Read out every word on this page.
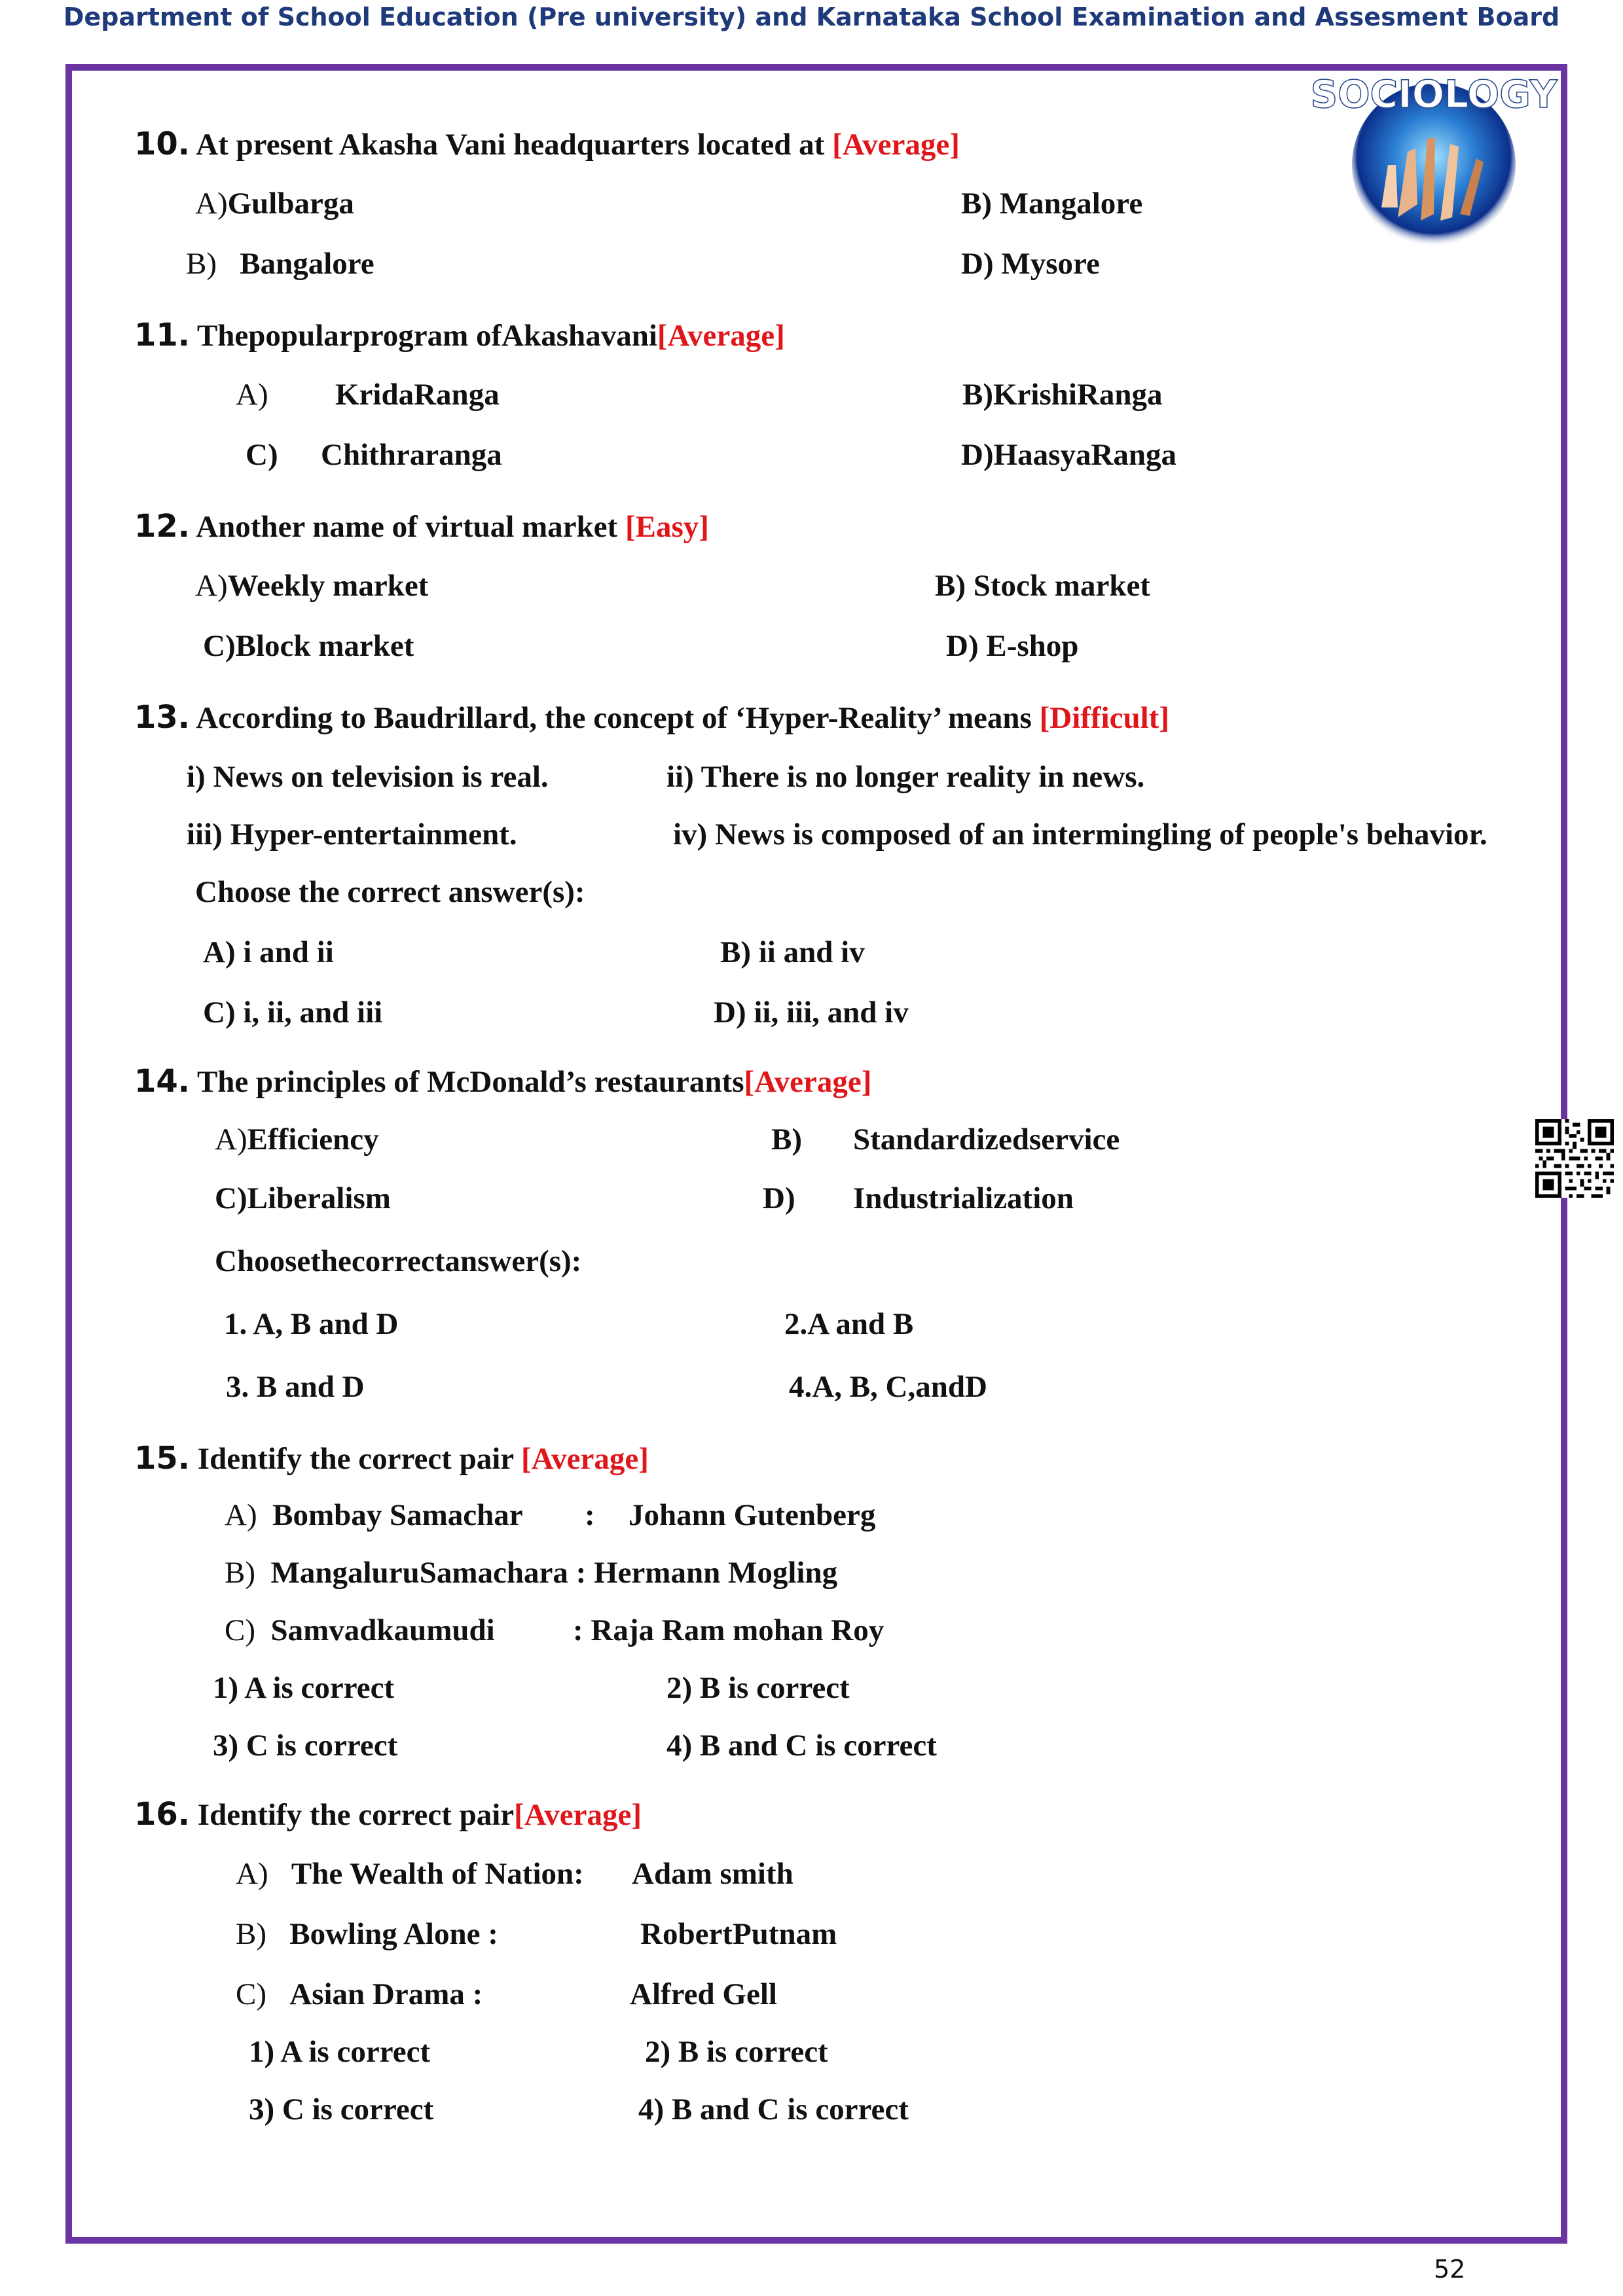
Department of School Education (Pre university) and Karnataka School Examination and Assesment Board
SOCIOLOGY
10. At present Akasha Vani headquarters located at [Average]
A)Gulbarga	B) Mangalore
B) Bangalore	D) Mysore
11. Thepopularprogram ofAkashavani[Average]
A) KridaRanga	B)KrishiRanga
C) Chithraranga	D)HaasyaRanga
12. Another name of virtual market [Easy]
A)Weekly market	B) Stock market
C)Block market	D) E-shop
13. According to Baudrillard, the concept of ‘Hyper-Reality’ means [Difficult]
i) News on television is real.	ii) There is no longer reality in news.
iii) Hyper-entertainment.	iv) News is composed of an intermingling of people's behavior.
Choose the correct answer(s):
A) i and ii	B) ii and iv
C) i, ii, and iii	D) ii, iii, and iv
14. The principles of McDonald’s restaurants[Average]
A)Efficiency	B) Standardizedservice
C)Liberalism	D) Industrialization
Choosethecorrectanswer(s):
1. A, B and D	2.A and B
3. B and D	4.A, B, C,andD
15. Identify the correct pair [Average]
A) Bombay Samachar : Johann Gutenberg
B) MangaluruSamachara : Hermann Mogling
C) Samvadkaumudi	: Raja Ram mohan Roy
1) A is correct	2) B is correct
3) C is correct	4) B and C is correct
16. Identify the correct pair[Average]
A) The Wealth of Nation: Adam smith
B) Bowling Alone :	RobertPutnam
C) Asian Drama :	Alfred Gell
1) A is correct	2) B is correct
3) C is correct	4) B and C is correct
52
